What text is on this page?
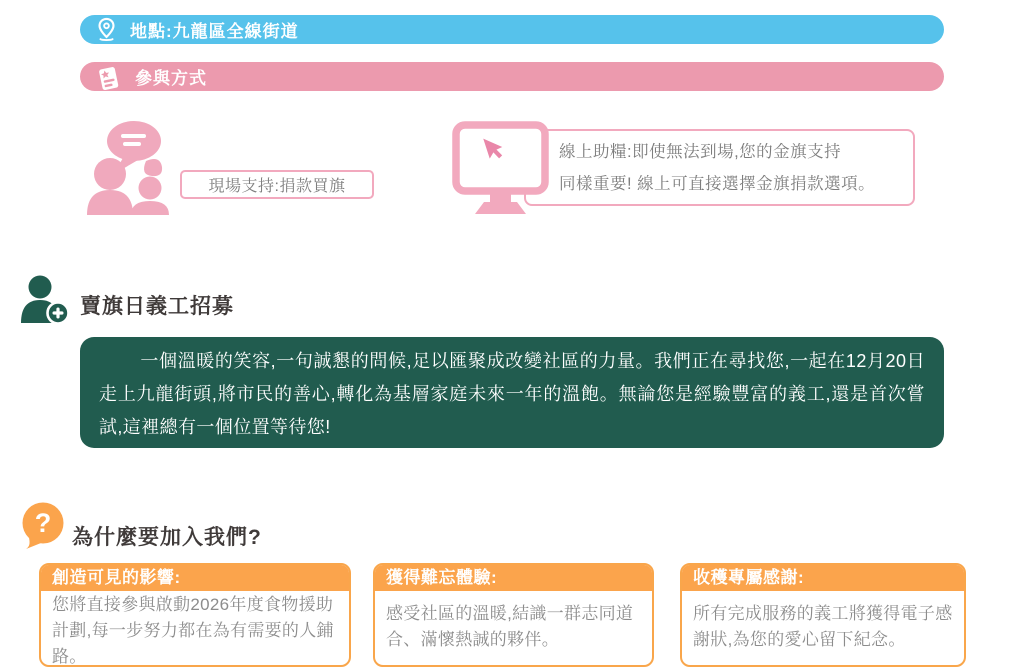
地點:九龍區全線街道
參與方式
現場支持:捐款買旗
線上助糧:即使無法到場,您的金旗支持
同樣重要! 線上可直接選擇金旗捐款選項。
賣旗日義工招募
一個溫暖的笑容,一句誠懇的問候,足以匯聚成改變社區的力量。我們正在尋找您,一起在12月20日走上九龍街頭,將市民的善心,轉化為基層家庭未來一年的溫飽。無論您是經驗豐富的義工,還是首次嘗試,這裡總有一個位置等待您!
? 為什麼要加入我們?
創造可見的影響:
您將直接參與啟動2026年度食物援助計劃,每一步努力都在為有需要的人鋪路。
獲得難忘體驗:
感受社區的溫暖,結識一群志同道合、滿懷熱誠的夥伴。
收穫專屬感謝:
所有完成服務的義工將獲得電子感謝狀,為您的愛心留下紀念。
